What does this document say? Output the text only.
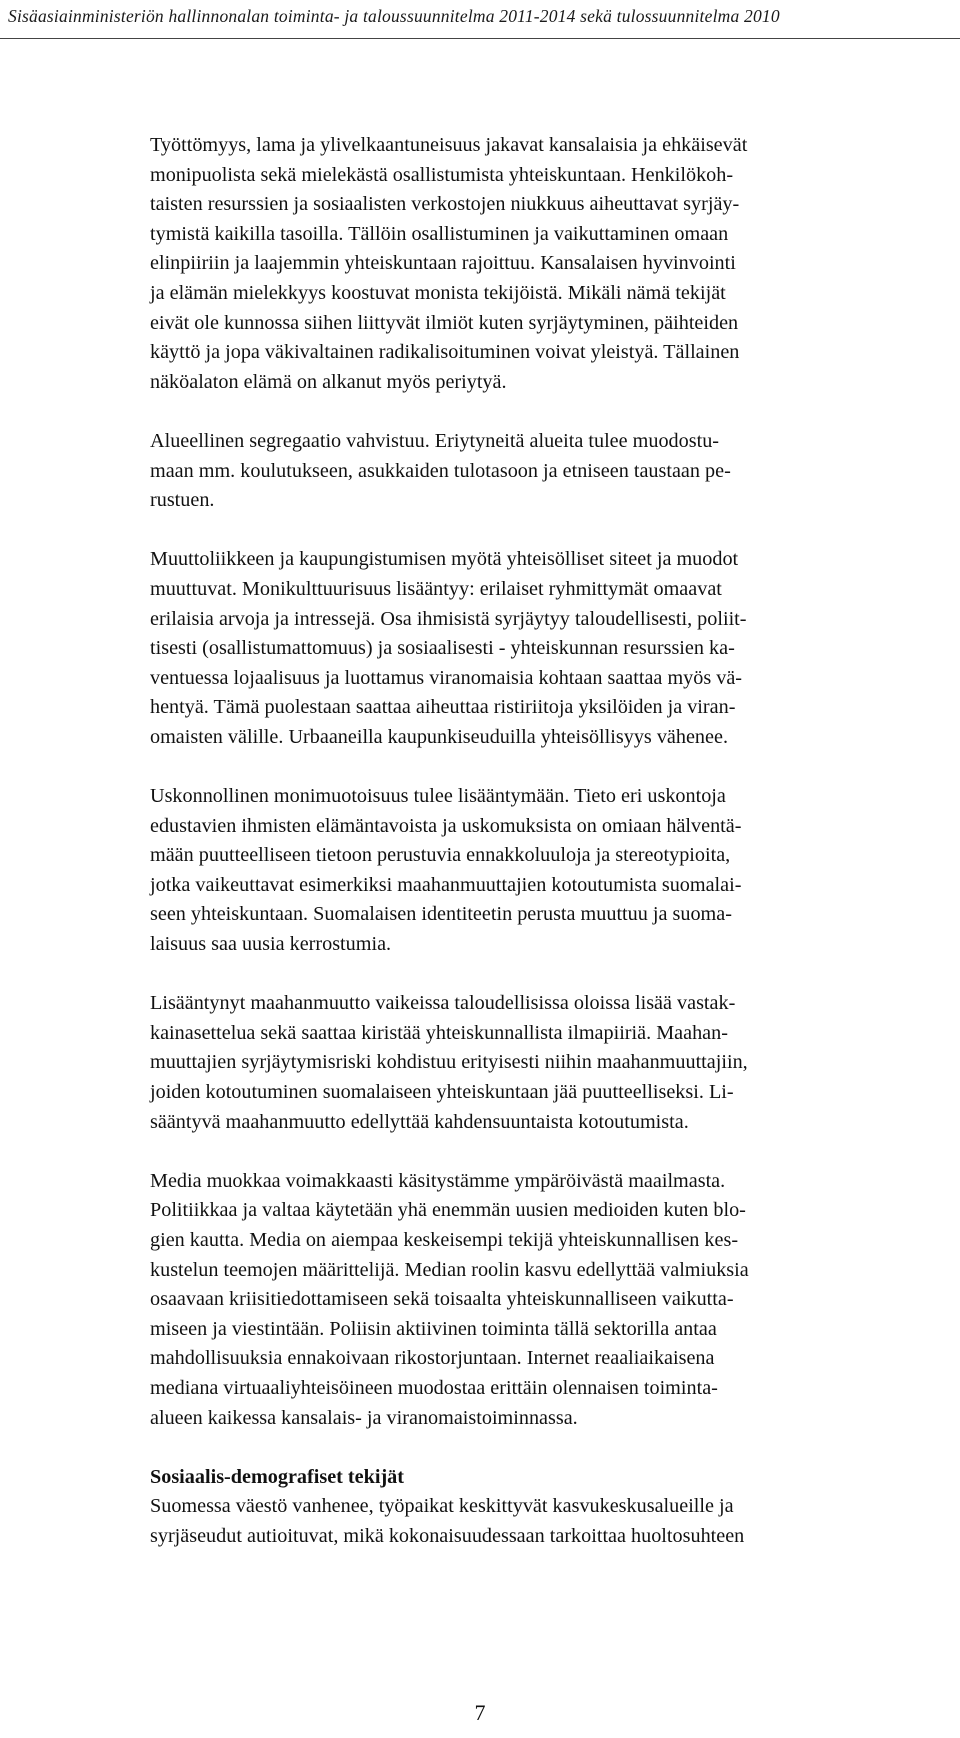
Sisäasiainministeriön hallinnonalan toiminta- ja taloussuunnitelma 2011-2014 sekä tulossuunnitelma 2010

Työttömyys, lama ja ylivelkaantuneisuus jakavat kansalaisia ja ehkäisevät
monipuolista sekä mielekästä osallistumista yhteiskuntaan. Henkilökoh-
taisten resurssien ja sosiaalisten verkostojen niukkuus aiheuttavat syrjäy-
tymistä kaikilla tasoilla. Tällöin osallistuminen ja vaikuttaminen omaan
elinpiiriin ja laajemmin yhteiskuntaan rajoittuu. Kansalaisen hyvinvointi
ja elämän mielekkyys koostuvat monista tekijöistä. Mikäli nämä tekijät
eivät ole kunnossa siihen liittyvät ilmiöt kuten syrjäytyminen, päihteiden
käyttö ja jopa väkivaltainen radikalisoituminen voivat yleistyä. Tällainen
näköalaton elämä on alkanut myös periytyä.

Alueellinen segregaatio vahvistuu. Eriytyneitä alueita tulee muodostu-
maan mm. koulutukseen, asukkaiden tulotasoon ja etniseen taustaan pe-
rustuen.

Muuttoliikkeen ja kaupungistumisen myötä yhteisölliset siteet ja muodot
muuttuvat. Monikulttuurisuus lisääntyy: erilaiset ryhmittymät omaavat
erilaisia arvoja ja intressejä. Osa ihmisistä syrjäytyy taloudellisesti, poliit-
tisesti (osallistumattomuus) ja sosiaalisesti - yhteiskunnan resurssien ka-
ventuessa lojaalisuus ja luottamus viranomaisia kohtaan saattaa myös vä-
hentyä. Tämä puolestaan saattaa aiheuttaa ristiriitoja yksilöiden ja viran-
omaisten välille. Urbaaneilla kaupunkiseuduilla yhteisöllisyys vähenee.

Uskonnollinen monimuotoisuus tulee lisääntymään. Tieto eri uskontoja
edustavien ihmisten elämäntavoista ja uskomuksista on omiaan hälventä-
mään puutteelliseen tietoon perustuvia ennakkoluuloja ja stereotypioita,
jotka vaikeuttavat esimerkiksi maahanmuuttajien kotoutumista suomalai-
seen yhteiskuntaan. Suomalaisen identiteetin perusta muuttuu ja suoma-
laisuus saa uusia kerrostumia.

Lisääntynyt maahanmuutto vaikeissa taloudellisissa oloissa lisää vastak-
kainasettelua sekä saattaa kiristää yhteiskunnallista ilmapiiriä. Maahan-
muuttajien syrjäytymisriski kohdistuu erityisesti niihin maahanmuuttajiin,
joiden kotoutuminen suomalaiseen yhteiskuntaan jää puutteelliseksi. Li-
sääntyvä maahanmuutto edellyttää kahdensuuntaista kotoutumista.

Media muokkaa voimakkaasti käsitystämme ympäröivästä maailmasta.
Politiikkaa ja valtaa käytetään yhä enemmän uusien medioiden kuten blo-
gien kautta. Media on aiempaa keskeisempi tekijä yhteiskunnallisen kes-
kustelun teemojen määrittelijä. Median roolin kasvu edellyttää valmiuksia
osaavaan kriisitiedottamiseen sekä toisaalta yhteiskunnalliseen vaikutta-
miseen ja viestintään. Poliisin aktiivinen toiminta tällä sektorilla antaa
mahdollisuuksia ennakoivaan rikostorjuntaan. Internet reaaliaikaisena
mediana virtuaaliyhteisöineen muodostaa erittäin olennaisen toiminta-
alueen kaikessa kansalais- ja viranomaistoiminnassa.

Sosiaalis-demografiset tekijät
Suomessa väestö vanhenee, työpaikat keskittyvät kasvukeskusalueille ja
syrjäseudut autioituvat, mikä kokonaisuudessaan tarkoittaa huoltosuhteen

7
